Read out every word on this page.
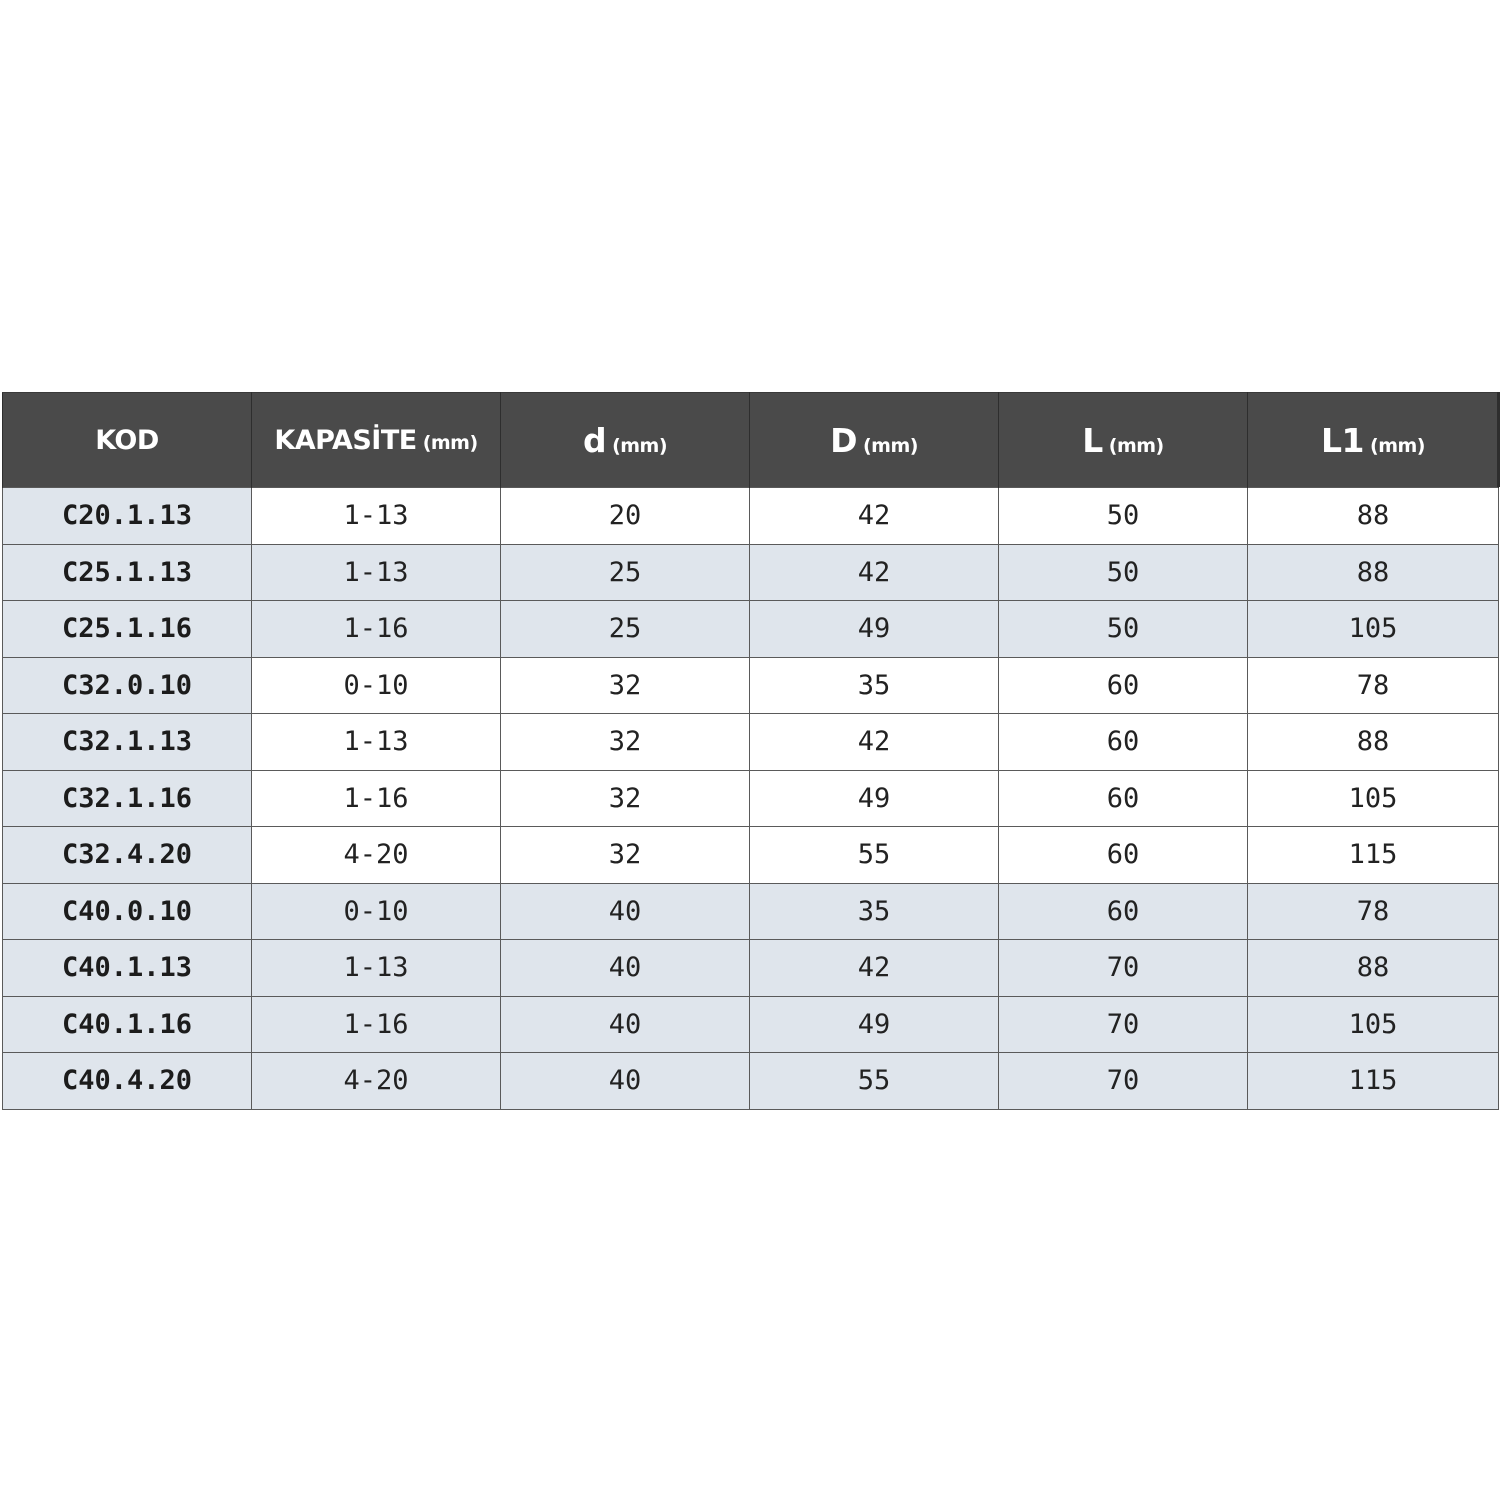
KOD	KAPASİTE (mm)	d (mm)	D (mm)	L (mm)	L1 (mm)
C20.1.13	1-13	20	42	50	88
C25.1.13	1-13	25	42	50	88
C25.1.16	1-16	25	49	50	105
C32.0.10	0-10	32	35	60	78
C32.1.13	1-13	32	42	60	88
C32.1.16	1-16	32	49	60	105
C32.4.20	4-20	32	55	60	115
C40.0.10	0-10	40	35	60	78
C40.1.13	1-13	40	42	70	88
C40.1.16	1-16	40	49	70	105
C40.4.20	4-20	40	55	70	115
